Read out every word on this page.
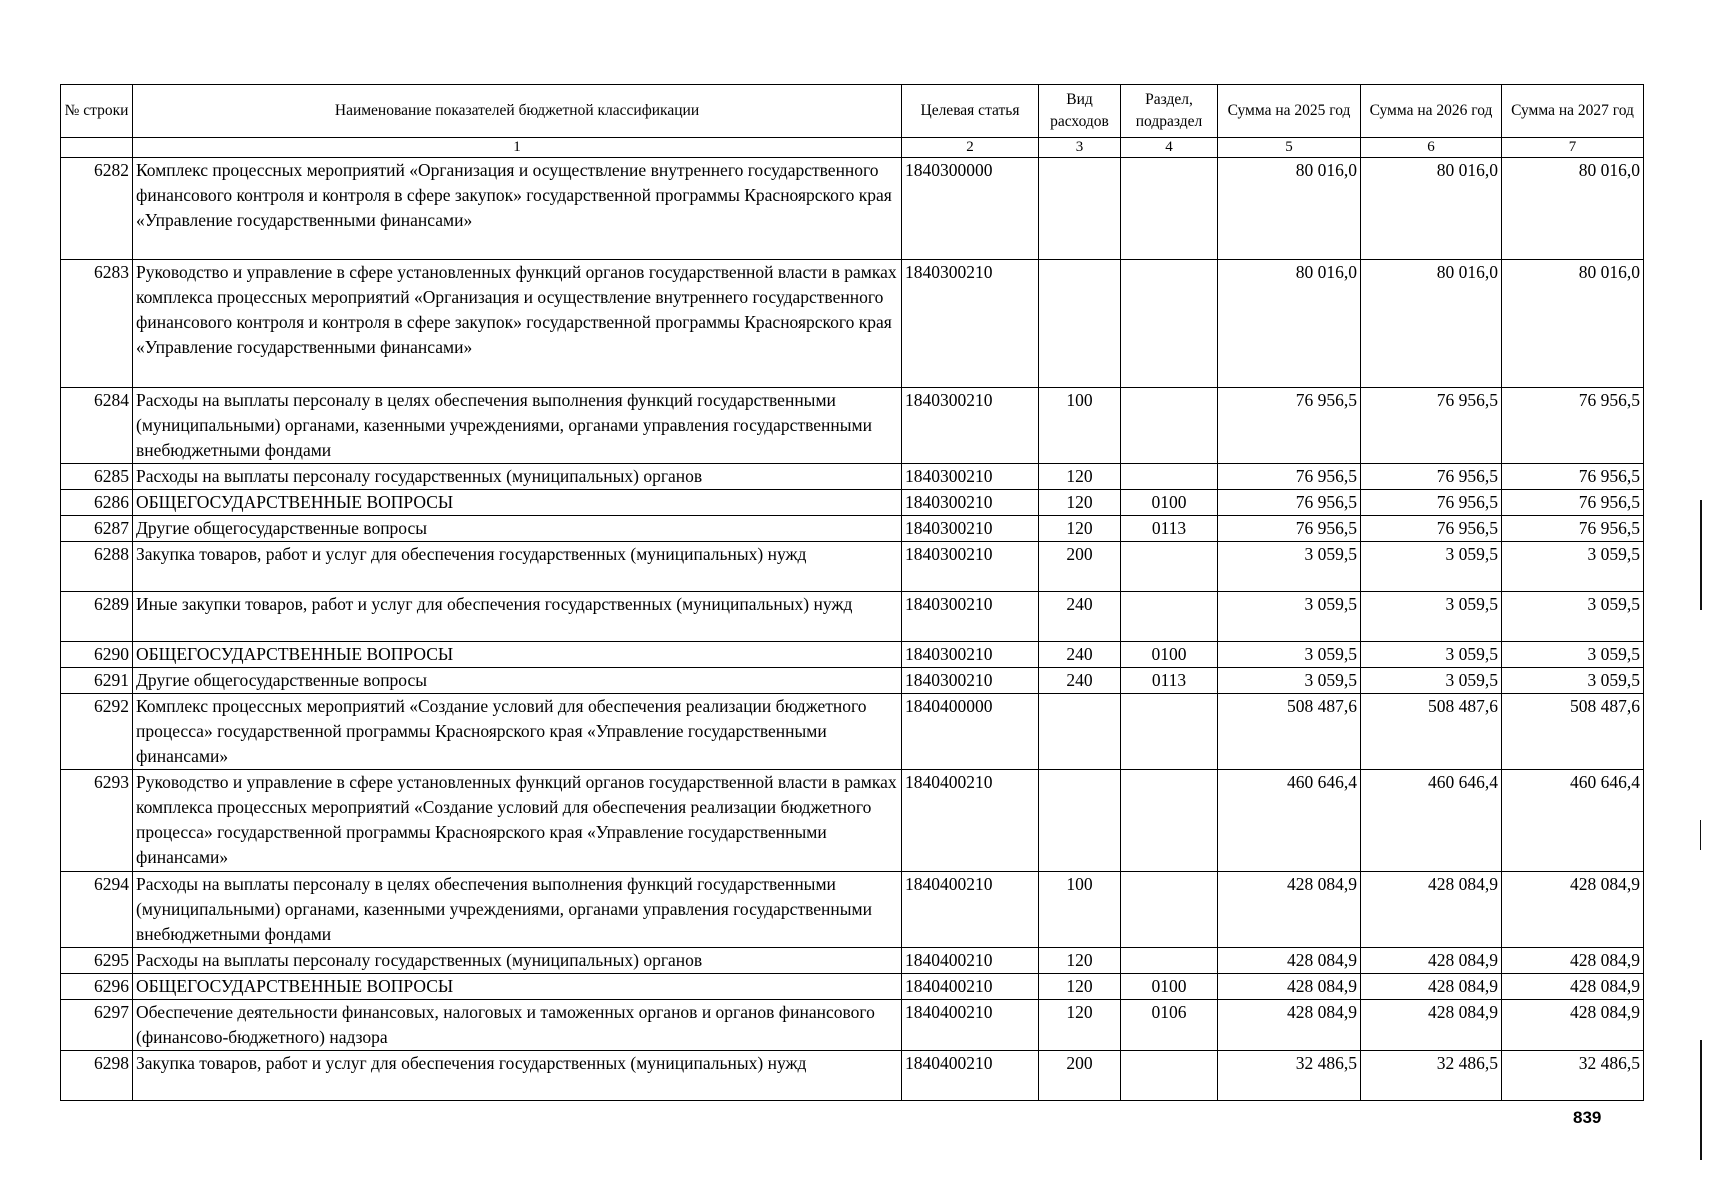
№ строки	Наименование показателей бюджетной классификации	Целевая статья	Вид расходов	Раздел, подраздел	Сумма на 2025 год	Сумма на 2026 год	Сумма на 2027 год
	1	2	3	4	5	6	7
6282	Комплекс процессных мероприятий «Организация и осуществление внутреннего государственного финансового контроля и контроля в сфере закупок» государственной программы Красноярского края «Управление государственными финансами»	1840300000			80 016,0	80 016,0	80 016,0
6283	Руководство и управление в сфере установленных функций органов государственной власти в рамках комплекса процессных мероприятий «Организация и осуществление внутреннего государственного финансового контроля и контроля в сфере закупок» государственной программы Красноярского края «Управление государственными финансами»	1840300210			80 016,0	80 016,0	80 016,0
6284	Расходы на выплаты персоналу в целях обеспечения выполнения функций государственными (муниципальными) органами, казенными учреждениями, органами управления государственными внебюджетными фондами	1840300210	100		76 956,5	76 956,5	76 956,5
6285	Расходы на выплаты персоналу государственных (муниципальных) органов	1840300210	120		76 956,5	76 956,5	76 956,5
6286	ОБЩЕГОСУДАРСТВЕННЫЕ ВОПРОСЫ	1840300210	120	0100	76 956,5	76 956,5	76 956,5
6287	Другие общегосударственные вопросы	1840300210	120	0113	76 956,5	76 956,5	76 956,5
6288	Закупка товаров, работ и услуг для обеспечения государственных (муниципальных) нужд	1840300210	200		3 059,5	3 059,5	3 059,5
6289	Иные закупки товаров, работ и услуг для обеспечения государственных (муниципальных) нужд	1840300210	240		3 059,5	3 059,5	3 059,5
6290	ОБЩЕГОСУДАРСТВЕННЫЕ ВОПРОСЫ	1840300210	240	0100	3 059,5	3 059,5	3 059,5
6291	Другие общегосударственные вопросы	1840300210	240	0113	3 059,5	3 059,5	3 059,5
6292	Комплекс процессных мероприятий «Создание условий для обеспечения реализации бюджетного процесса» государственной программы Красноярского края «Управление государственными финансами»	1840400000			508 487,6	508 487,6	508 487,6
6293	Руководство и управление в сфере установленных функций органов государственной власти в рамках комплекса процессных мероприятий «Создание условий для обеспечения реализации бюджетного процесса» государственной программы Красноярского края «Управление государственными финансами»	1840400210			460 646,4	460 646,4	460 646,4
6294	Расходы на выплаты персоналу в целях обеспечения выполнения функций государственными (муниципальными) органами, казенными учреждениями, органами управления государственными внебюджетными фондами	1840400210	100		428 084,9	428 084,9	428 084,9
6295	Расходы на выплаты персоналу государственных (муниципальных) органов	1840400210	120		428 084,9	428 084,9	428 084,9
6296	ОБЩЕГОСУДАРСТВЕННЫЕ ВОПРОСЫ	1840400210	120	0100	428 084,9	428 084,9	428 084,9
6297	Обеспечение деятельности финансовых, налоговых и таможенных органов и органов финансового (финансово-бюджетного) надзора	1840400210	120	0106	428 084,9	428 084,9	428 084,9
6298	Закупка товаров, работ и услуг для обеспечения государственных (муниципальных) нужд	1840400210	200		32 486,5	32 486,5	32 486,5
839
